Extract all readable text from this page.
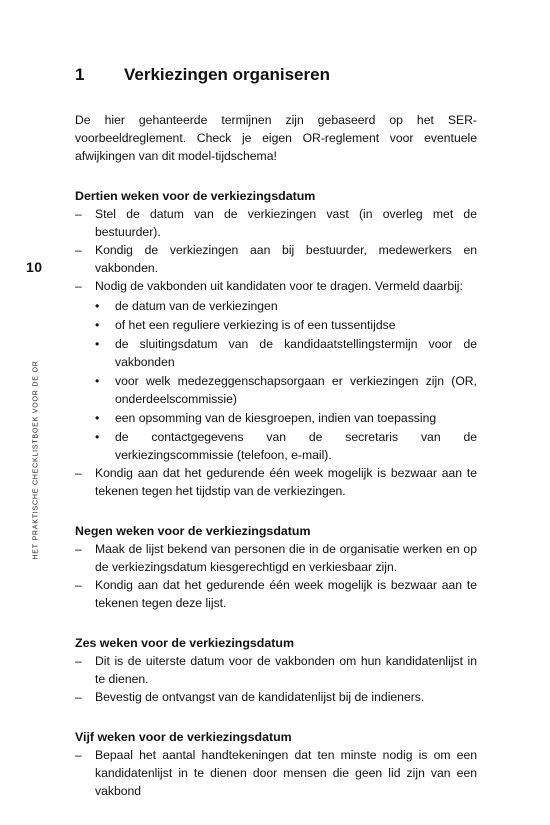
10
HET PRAKTISCHE CHECKLISTBOEK VOOR DE OR
1	Verkiezingen organiseren

De hier gehanteerde termijnen zijn gebaseerd op het SER-voorbeeldreglement. Check je eigen OR-reglement voor eventuele afwijkingen van dit model-tijdschema!

Dertien weken voor de verkiezingsdatum
– Stel de datum van de verkiezingen vast (in overleg met de bestuurder).
– Kondig de verkiezingen aan bij bestuurder, medewerkers en vakbonden.
– Nodig de vakbonden uit kandidaten voor te dragen. Vermeld daarbij:
• de datum van de verkiezingen
• of het een reguliere verkiezing is of een tussentijdse
• de sluitingsdatum van de kandidaatstellingstermijn voor de vakbonden
• voor welk medezeggenschapsorgaan er verkiezingen zijn (OR, onderdeelscommissie)
• een opsomming van de kiesgroepen, indien van toepassing
• de contactgegevens van de secretaris van de verkiezingscommissie (telefoon, e-mail).
– Kondig aan dat het gedurende één week mogelijk is bezwaar aan te tekenen tegen het tijdstip van de verkiezingen.
Negen weken voor de verkiezingsdatum
– Maak de lijst bekend van personen die in de organisatie werken en op de verkiezingsdatum kiesgerechtigd en verkiesbaar zijn.
– Kondig aan dat het gedurende één week mogelijk is bezwaar aan te tekenen tegen deze lijst.
Zes weken voor de verkiezingsdatum
– Dit is de uiterste datum voor de vakbonden om hun kandidatenlijst in te dienen.
– Bevestig de ontvangst van de kandidatenlijst bij de indieners.
Vijf weken voor de verkiezingsdatum
– Bepaal het aantal handtekeningen dat ten minste nodig is om een kandidatenlijst in te dienen door mensen die geen lid zijn van een vakbond
